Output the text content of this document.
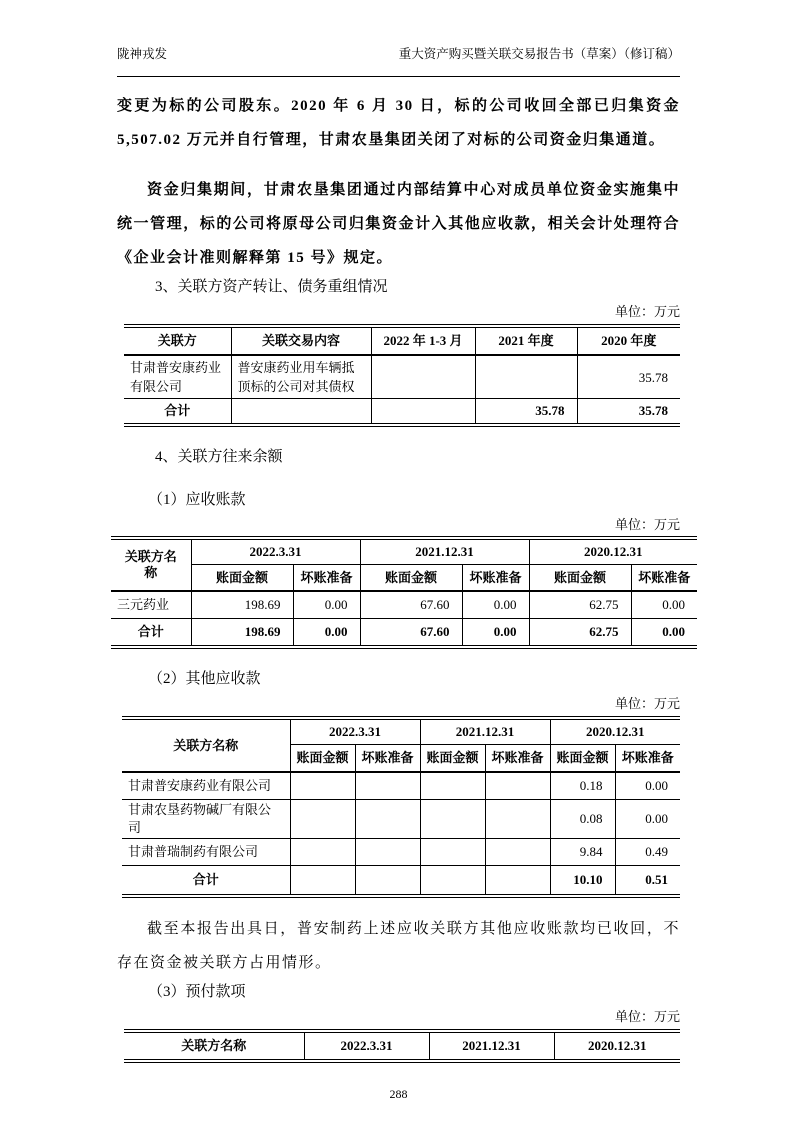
陇神戎发	重大资产购买暨关联交易报告书（草案）（修订稿）

变更为标的公司股东。2020 年 6 月 30 日，标的公司收回全部已归集资金 5,507.02 万元并自行管理，甘肃农垦集团关闭了对标的公司资金归集通道。

资金归集期间，甘肃农垦集团通过内部结算中心对成员单位资金实施集中统一管理，标的公司将原母公司归集资金计入其他应收款，相关会计处理符合《企业会计准则解释第 15 号》规定。

3、关联方资产转让、债务重组情况

单位：万元
关联方	关联交易内容	2022 年 1-3 月	2021 年度	2020 年度
甘肃普安康药业有限公司	普安康药业用车辆抵顶标的公司对其债权			35.78
合计			35.78	35.78

4、关联方往来余额

（1）应收账款

单位：万元
关联方名称	2022.3.31		2021.12.31		2020.12.31	
	账面金额	坏账准备	账面金额	坏账准备	账面金额	坏账准备
三元药业	198.69	0.00	67.60	0.00	62.75	0.00
合计	198.69	0.00	67.60	0.00	62.75	0.00

（2）其他应收款

单位：万元
关联方名称	2022.3.31		2021.12.31		2020.12.31	
	账面金额	坏账准备	账面金额	坏账准备	账面金额	坏账准备
甘肃普安康药业有限公司					0.18	0.00
甘肃农垦药物碱厂有限公司					0.08	0.00
甘肃普瑞制药有限公司					9.84	0.49
合计					10.10	0.51

截至本报告出具日，普安制药上述应收关联方其他应收账款均已收回，不存在资金被关联方占用情形。

（3）预付款项

单位：万元
关联方名称	2022.3.31	2021.12.31	2020.12.31
288
